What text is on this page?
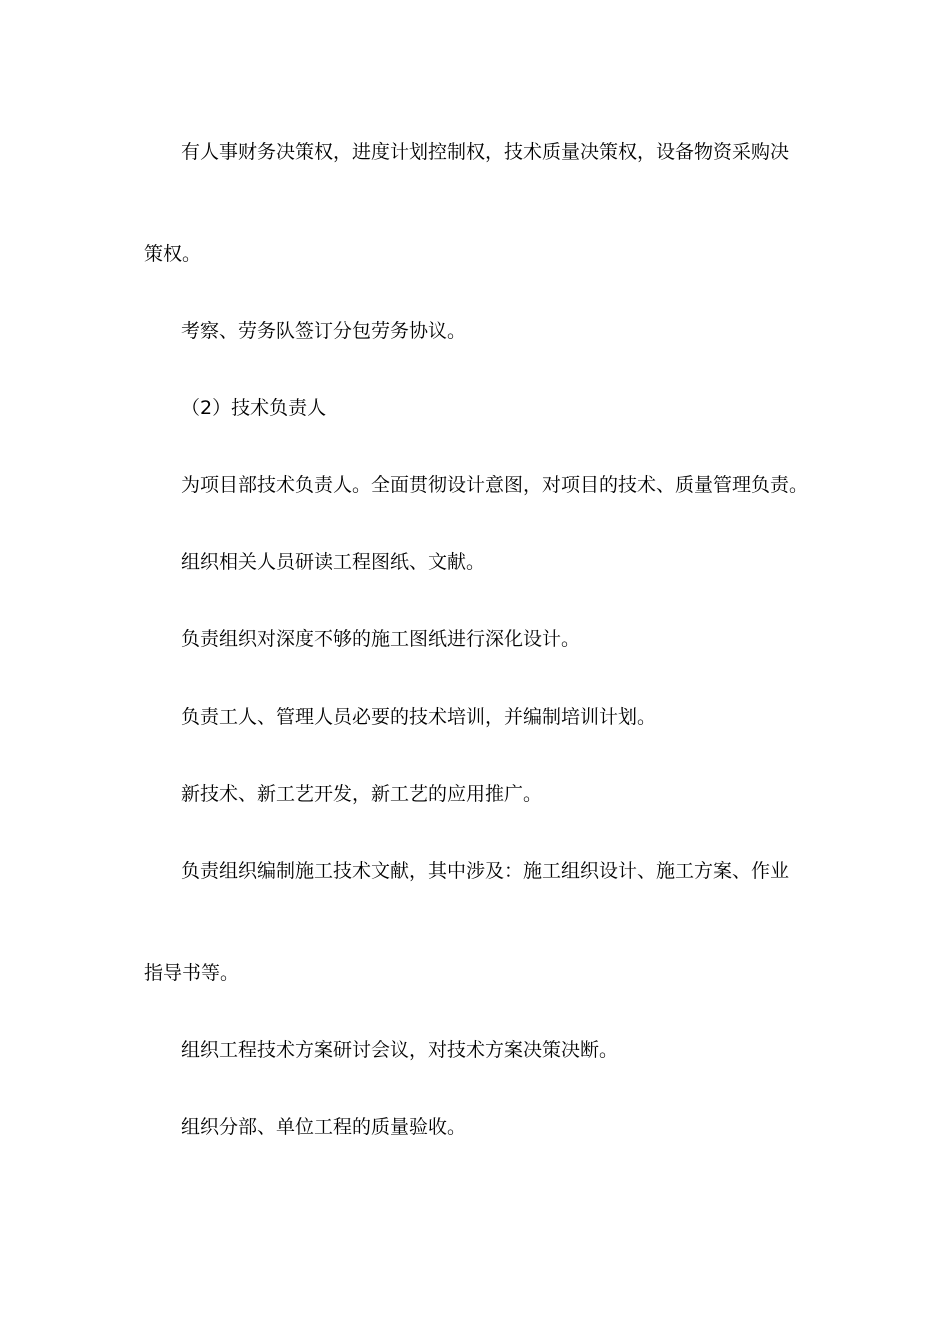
有人事财务决策权，进度计划控制权，技术质量决策权，设备物资采购决
策权。
考察、劳务队签订分包劳务协议。
（2）技术负责人
为项目部技术负责人。全面贯彻设计意图，对项目的技术、质量管理负责。
组织相关人员研读工程图纸、文献。
负责组织对深度不够的施工图纸进行深化设计。
负责工人、管理人员必要的技术培训，并编制培训计划。
新技术、新工艺开发，新工艺的应用推广。
负责组织编制施工技术文献，其中涉及：施工组织设计、施工方案、作业
指导书等。
组织工程技术方案研讨会议，对技术方案决策决断。
组织分部、单位工程的质量验收。
